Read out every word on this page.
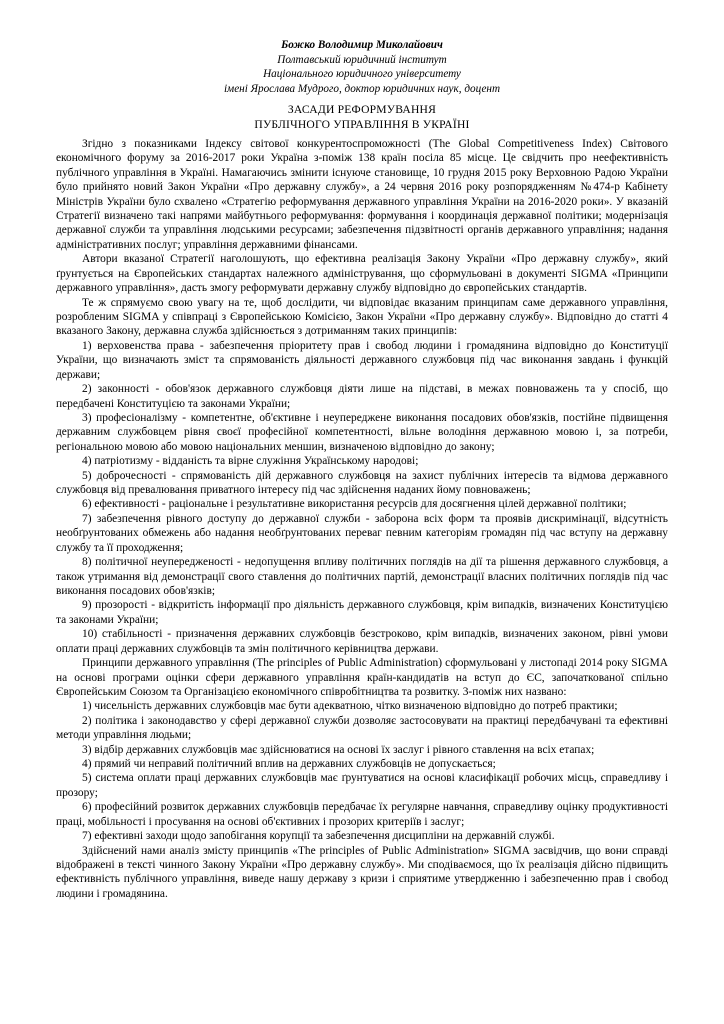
Божко Володимир Миколайович
Полтавський юридичний інститут
Національного юридичного університету
імені Ярослава Мудрого, доктор юридичних наук, доцент
ЗАСАДИ РЕФОРМУВАННЯ
ПУБЛІЧНОГО УПРАВЛІННЯ В УКРАЇНІ

Згідно з показниками Індексу світової конкурентоспроможності (The Global Competitiveness Index) Світового економічного форуму за 2016-2017 роки Україна з-поміж 138 країн посіла 85 місце. Це свідчить про неефективність публічного управління в Україні. Намагаючись змінити існуюче становище, 10 грудня 2015 року Верховною Радою України було прийнято новий Закон України «Про державну службу», а 24 червня 2016 року розпорядженням №474-р Кабінету Міністрів України було схвалено «Стратегію реформування державного управління України на 2016-2020 роки». У вказаній Стратегії визначено такі напрями майбутнього реформування: формування і координація державної політики; модернізація державної служби та управління людськими ресурсами; забезпечення підзвітності органів державного управління; надання адміністративних послуг; управління державними фінансами.

Автори вказаної Стратегії наголошують, що ефективна реалізація Закону України «Про державну службу», який ґрунтується на Європейських стандартах належного адміністрування, що сформульовані в документі SIGMA «Принципи державного управління», дасть змогу реформувати державну службу відповідно до європейських стандартів.

Те ж спрямуємо свою увагу на те, щоб дослідити, чи відповідає вказаним принципам саме державного управління, розробленим SIGMA у співпраці з Європейською Комісією, Закон України «Про державну службу». Відповідно до статті 4 вказаного Закону, державна служба здійснюється з дотриманням таких принципів:

1) верховенства права - забезпечення пріоритету прав і свобод людини і громадянина відповідно до Конституції України, що визначають зміст та спрямованість діяльності державного службовця під час виконання завдань і функцій держави;

2) законності - обов'язок державного службовця діяти лише на підставі, в межах повноважень та у спосіб, що передбачені Конституцією та законами України;

3) професіоналізму - компетентне, об'єктивне і неупереджене виконання посадових обов'язків, постійне підвищення державним службовцем рівня своєї професійної компетентності, вільне володіння державною мовою і, за потреби, регіональною мовою або мовою національних меншин, визначеною відповідно до закону;

4) патріотизму - відданість та вірне служіння Українському народові;

5) доброчесності - спрямованість дій державного службовця на захист публічних інтересів та відмова державного службовця від превалювання приватного інтересу під час здійснення наданих йому повноважень;

6) ефективності - раціональне і результативне використання ресурсів для досягнення цілей державної політики;

7) забезпечення рівного доступу до державної служби - заборона всіх форм та проявів дискримінації, відсутність необґрунтованих обмежень або надання необґрунтованих переваг певним категоріям громадян під час вступу на державну службу та її проходження;

8) політичної неупередженості - недопущення впливу політичних поглядів на дії та рішення державного службовця, а також утримання від демонстрації свого ставлення до політичних партій, демонстрації власних політичних поглядів під час виконання посадових обов'язків;

9) прозорості - відкритість інформації про діяльність державного службовця, крім випадків, визначених Конституцією та законами України;

10) стабільності - призначення державних службовців безстроково, крім випадків, визначених законом, рівні умови оплати праці державних службовців та змін політичного керівництва держави.

Принципи державного управління (The principles of Public Administration) сформульовані у листопаді 2014 року SIGMA на основі програми оцінки сфери державного управління країн-кандидатів на вступ до ЄС, започаткованої спільно Європейським Союзом та Організацією економічного співробітництва та розвитку. 3-поміж них названо:

1) чисельність державних службовців має бути адекватною, чітко визначеною відповідно до потреб практики;

2) політика і законодавство у сфері державної служби дозволяє застосовувати на практиці передбачувані та ефективні методи управління людьми;

3) відбір державних службовців має здійснюватися на основі їх заслуг і рівного ставлення на всіх етапах;

4) прямий чи неправий політичний вплив на державних службовців не допускається;

5) система оплати праці державних службовців має ґрунтуватися на основі класифікації робочих місць, справедливу і прозору;

6) професійний розвиток державних службовців передбачає їх регулярне навчання, справедливу оцінку продуктивності праці, мобільності і просування на основі об'єктивних і прозорих критеріїв і заслуг;

7) ефективні заходи щодо запобігання корупції та забезпечення дисципліни на державній службі.

Здійснений нами аналіз змісту принципів «The principles of Public Administration» SIGMA засвідчив, що вони справді відображені в тексті чинного Закону України «Про державну службу». Ми сподіваємося, що їх реалізація дійсно підвищить ефективність публічного управління, виведе нашу державу з кризи і сприятиме утвердженню і забезпеченню прав і свобод людини і громадянина.
